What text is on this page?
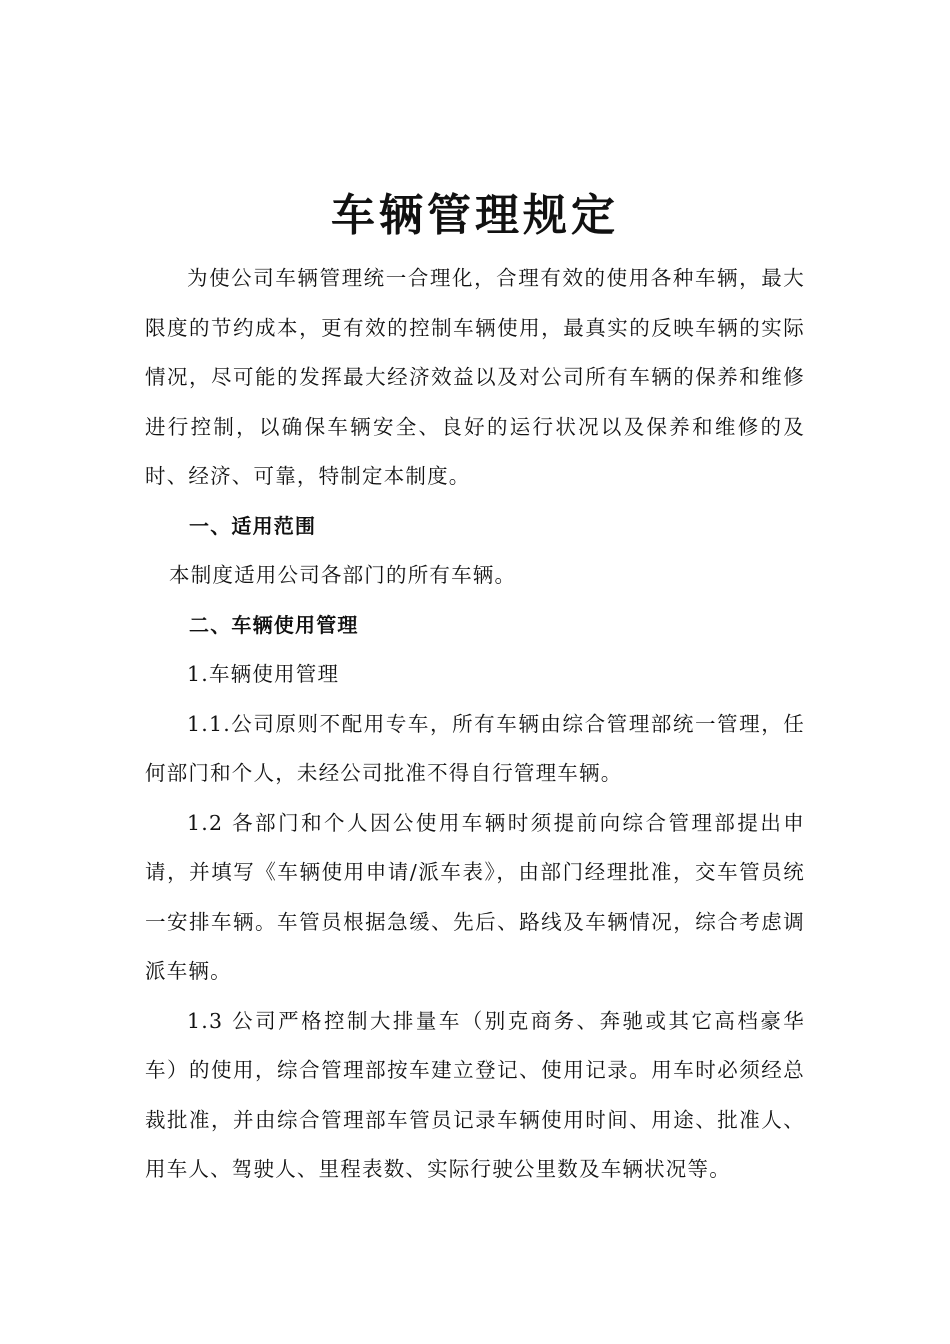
车辆管理规定

为使公司车辆管理统一合理化，合理有效的使用各种车辆，最大限度的节约成本，更有效的控制车辆使用，最真实的反映车辆的实际情况，尽可能的发挥最大经济效益以及对公司所有车辆的保养和维修进行控制，以确保车辆安全、良好的运行状况以及保养和维修的及时、经济、可靠，特制定本制度。

一、适用范围

本制度适用公司各部门的所有车辆。

二、车辆使用管理

1.车辆使用管理

1.1.公司原则不配用专车，所有车辆由综合管理部统一管理，任何部门和个人，未经公司批准不得自行管理车辆。

1.2 各部门和个人因公使用车辆时须提前向综合管理部提出申请，并填写《车辆使用申请/派车表》，由部门经理批准，交车管员统一安排车辆。车管员根据急缓、先后、路线及车辆情况，综合考虑调派车辆。

1.3 公司严格控制大排量车（别克商务、奔驰或其它高档豪华车）的使用，综合管理部按车建立登记、使用记录。用车时必须经总裁批准，并由综合管理部车管员记录车辆使用时间、用途、批准人、用车人、驾驶人、里程表数、实际行驶公里数及车辆状况等。
